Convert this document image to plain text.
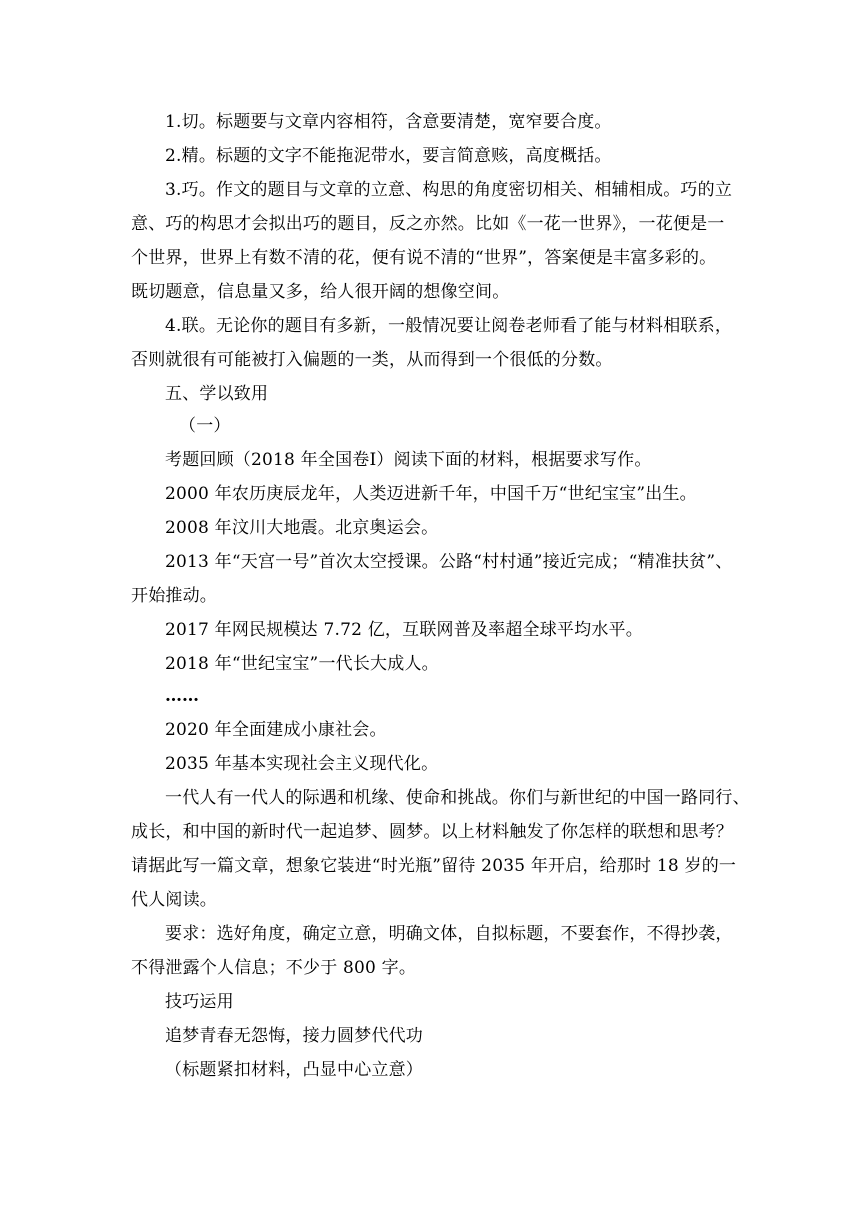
1.切。标题要与文章内容相符，含意要清楚，宽窄要合度。

2.精。标题的文字不能拖泥带水，要言简意赅，高度概括。

3.巧。作文的题目与文章的立意、构思的角度密切相关、相辅相成。巧的立

意、巧的构思才会拟出巧的题目，反之亦然。比如《一花一世界》，一花便是一

个世界，世界上有数不清的花，便有说不清的“世界”，答案便是丰富多彩的。

既切题意，信息量又多，给人很开阔的想像空间。

4.联。无论你的题目有多新，一般情况要让阅卷老师看了能与材料相联系，

否则就很有可能被打入偏题的一类，从而得到一个很低的分数。

五、学以致用

（一）

考题回顾（2018 年全国卷Ⅰ）阅读下面的材料，根据要求写作。

2000 年农历庚辰龙年，人类迈进新千年，中国千万“世纪宝宝”出生。

2008 年汶川大地震。北京奥运会。

2013 年“天宫一号”首次太空授课。公路“村村通”接近完成；“精准扶贫”、

开始推动。

2017 年网民规模达 7.72 亿，互联网普及率超全球平均水平。

2018 年“世纪宝宝”一代长大成人。

……

2020 年全面建成小康社会。

2035 年基本实现社会主义现代化。

一代人有一代人的际遇和机缘、使命和挑战。你们与新世纪的中国一路同行、

成长，和中国的新时代一起追梦、圆梦。以上材料触发了你怎样的联想和思考？

请据此写一篇文章，想象它装进“时光瓶”留待 2035 年开启，给那时 18 岁的一

代人阅读。

要求：选好角度，确定立意，明确文体，自拟标题，不要套作，不得抄袭，

不得泄露个人信息；不少于 800 字。

技巧运用

追梦青春无怨悔，接力圆梦代代功

（标题紧扣材料，凸显中心立意）
